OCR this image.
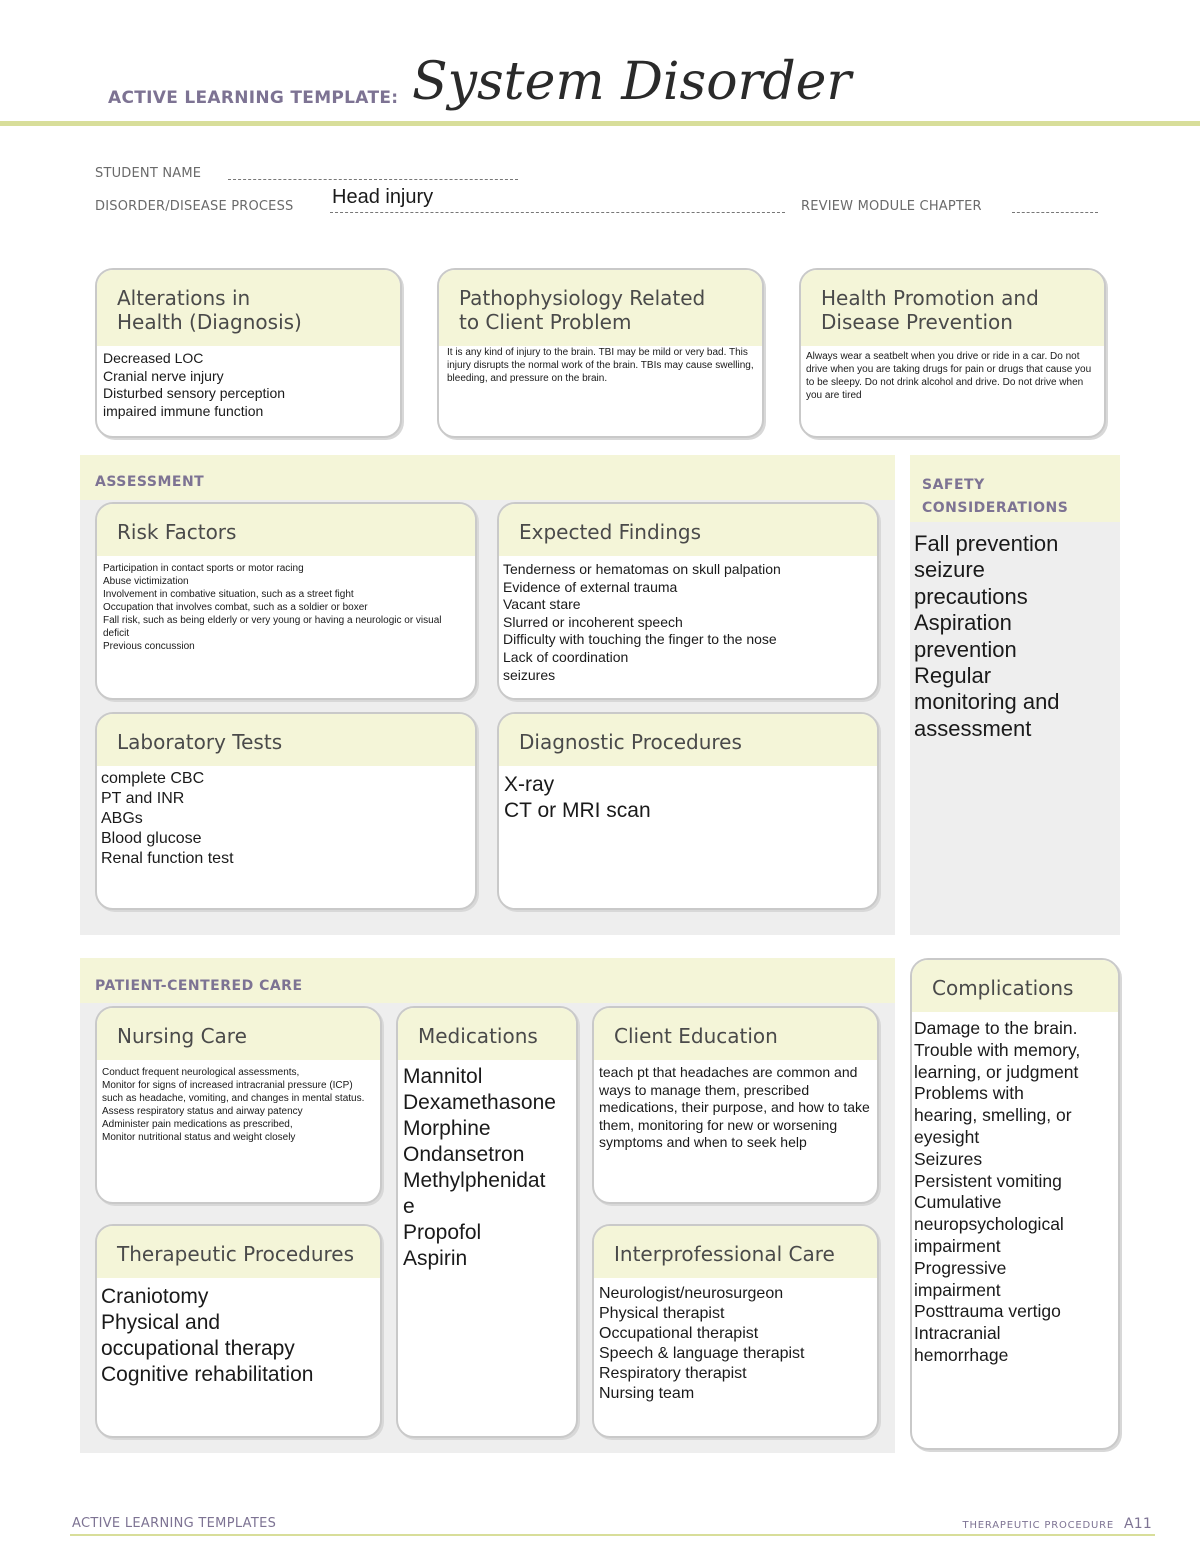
ACTIVE LEARNING TEMPLATE: System Disorder
STUDENT NAME
DISORDER/DISEASE PROCESS Head injury	REVIEW MODULE CHAPTER
Alterations in
Health (Diagnosis)
Decreased LOC
Cranial nerve injury
Disturbed sensory perception
impaired immune function
Pathophysiology Related
to Client Problem
It is any kind of injury to the brain. TBI may be mild or very bad. This injury disrupts the normal work of the brain. TBIs may cause swelling, bleeding, and pressure on the brain.
Health Promotion and
Disease Prevention
Always wear a seatbelt when you drive or ride in a car. Do not drive when you are taking drugs for pain or drugs that cause you to be sleepy. Do not drink alcohol and drive. Do not drive when you are tired
ASSESSMENT
Risk Factors
Participation in contact sports or motor racing
Abuse victimization
Involvement in combative situation, such as a street fight
Occupation that involves combat, such as a soldier or boxer
Fall risk, such as being elderly or very young or having a neurologic or visual deficit
Previous concussion
Expected Findings
Tenderness or hematomas on skull palpation
Evidence of external trauma
Vacant stare
Slurred or incoherent speech
Difficulty with touching the finger to the nose
Lack of coordination
seizures
Laboratory Tests
complete CBC
PT and INR
ABGs
Blood glucose
Renal function test
Diagnostic Procedures
X-ray
CT or MRI scan
SAFETY
CONSIDERATIONS
Fall prevention
seizure
precautions
Aspiration
prevention
Regular
monitoring and
assessment
PATIENT-CENTERED CARE
Nursing Care
Conduct frequent neurological assessments,
Monitor for signs of increased intracranial pressure (ICP) such as headache, vomiting, and changes in mental status.
Assess respiratory status and airway patency
Administer pain medications as prescribed,
Monitor nutritional status and weight closely
Medications
Mannitol
Dexamethasone
Morphine
Ondansetron
Methylphenidat
e
Propofol
Aspirin
Client Education
teach pt that headaches are common and ways to manage them, prescribed medications, their purpose, and how to take them, monitoring for new or worsening symptoms and when to seek help
Therapeutic Procedures
Craniotomy
Physical and
occupational therapy
Cognitive rehabilitation
Interprofessional Care
Neurologist/neurosurgeon
Physical therapist
Occupational therapist
Speech & language therapist
Respiratory therapist
Nursing team
Complications
Damage to the brain.
Trouble with memory,
learning, or judgment
Problems with
hearing, smelling, or
eyesight
Seizures
Persistent vomiting
Cumulative
neuropsychological
impairment
Progressive
impairment
Posttrauma vertigo
Intracranial
hemorrhage
ACTIVE LEARNING TEMPLATES	THERAPEUTIC PROCEDURE A11
